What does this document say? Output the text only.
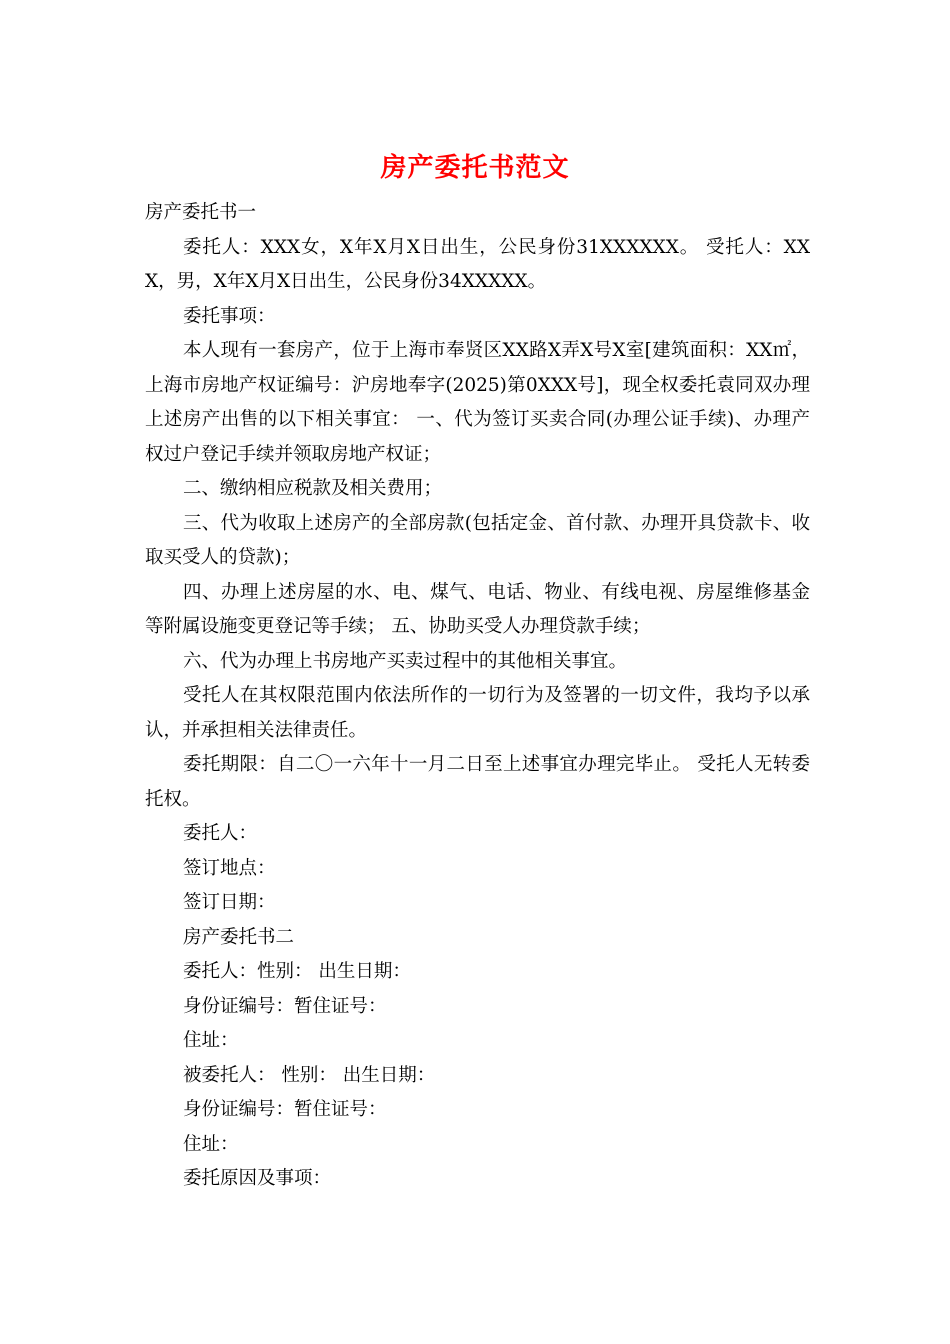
房产委托书范文

房产委托书一

委托人：XXX女，X年X月X日出生，公民身份31XXXXXX。 受托人：XXX，男，X年X月X日出生，公民身份34XXXXX。

委托事项：

本人现有一套房产，位于上海市奉贤区XX路X弄X号X室[建筑面积：XX㎡，上海市房地产权证编号：沪房地奉字(2025)第0XXX号]，现全权委托袁同双办理上述房产出售的以下相关事宜： 一、代为签订买卖合同(办理公证手续)、办理产权过户登记手续并领取房地产权证；

二、缴纳相应税款及相关费用；

三、代为收取上述房产的全部房款(包括定金、首付款、办理开具贷款卡、收取买受人的贷款)；

四、办理上述房屋的水、电、煤气、电话、物业、有线电视、房屋维修基金等附属设施变更登记等手续； 五、协助买受人办理贷款手续；

六、代为办理上书房地产买卖过程中的其他相关事宜。

受托人在其权限范围内依法所作的一切行为及签署的一切文件，我均予以承认，并承担相关法律责任。

委托期限：自二〇一六年十一月二日至上述事宜办理完毕止。 受托人无转委托权。

委托人：

签订地点：

签订日期：

房产委托书二

委托人：性别： 出生日期：

身份证编号：暂住证号：

住址：

被委托人： 性别： 出生日期：

身份证编号：暂住证号：

住址：

委托原因及事项：
